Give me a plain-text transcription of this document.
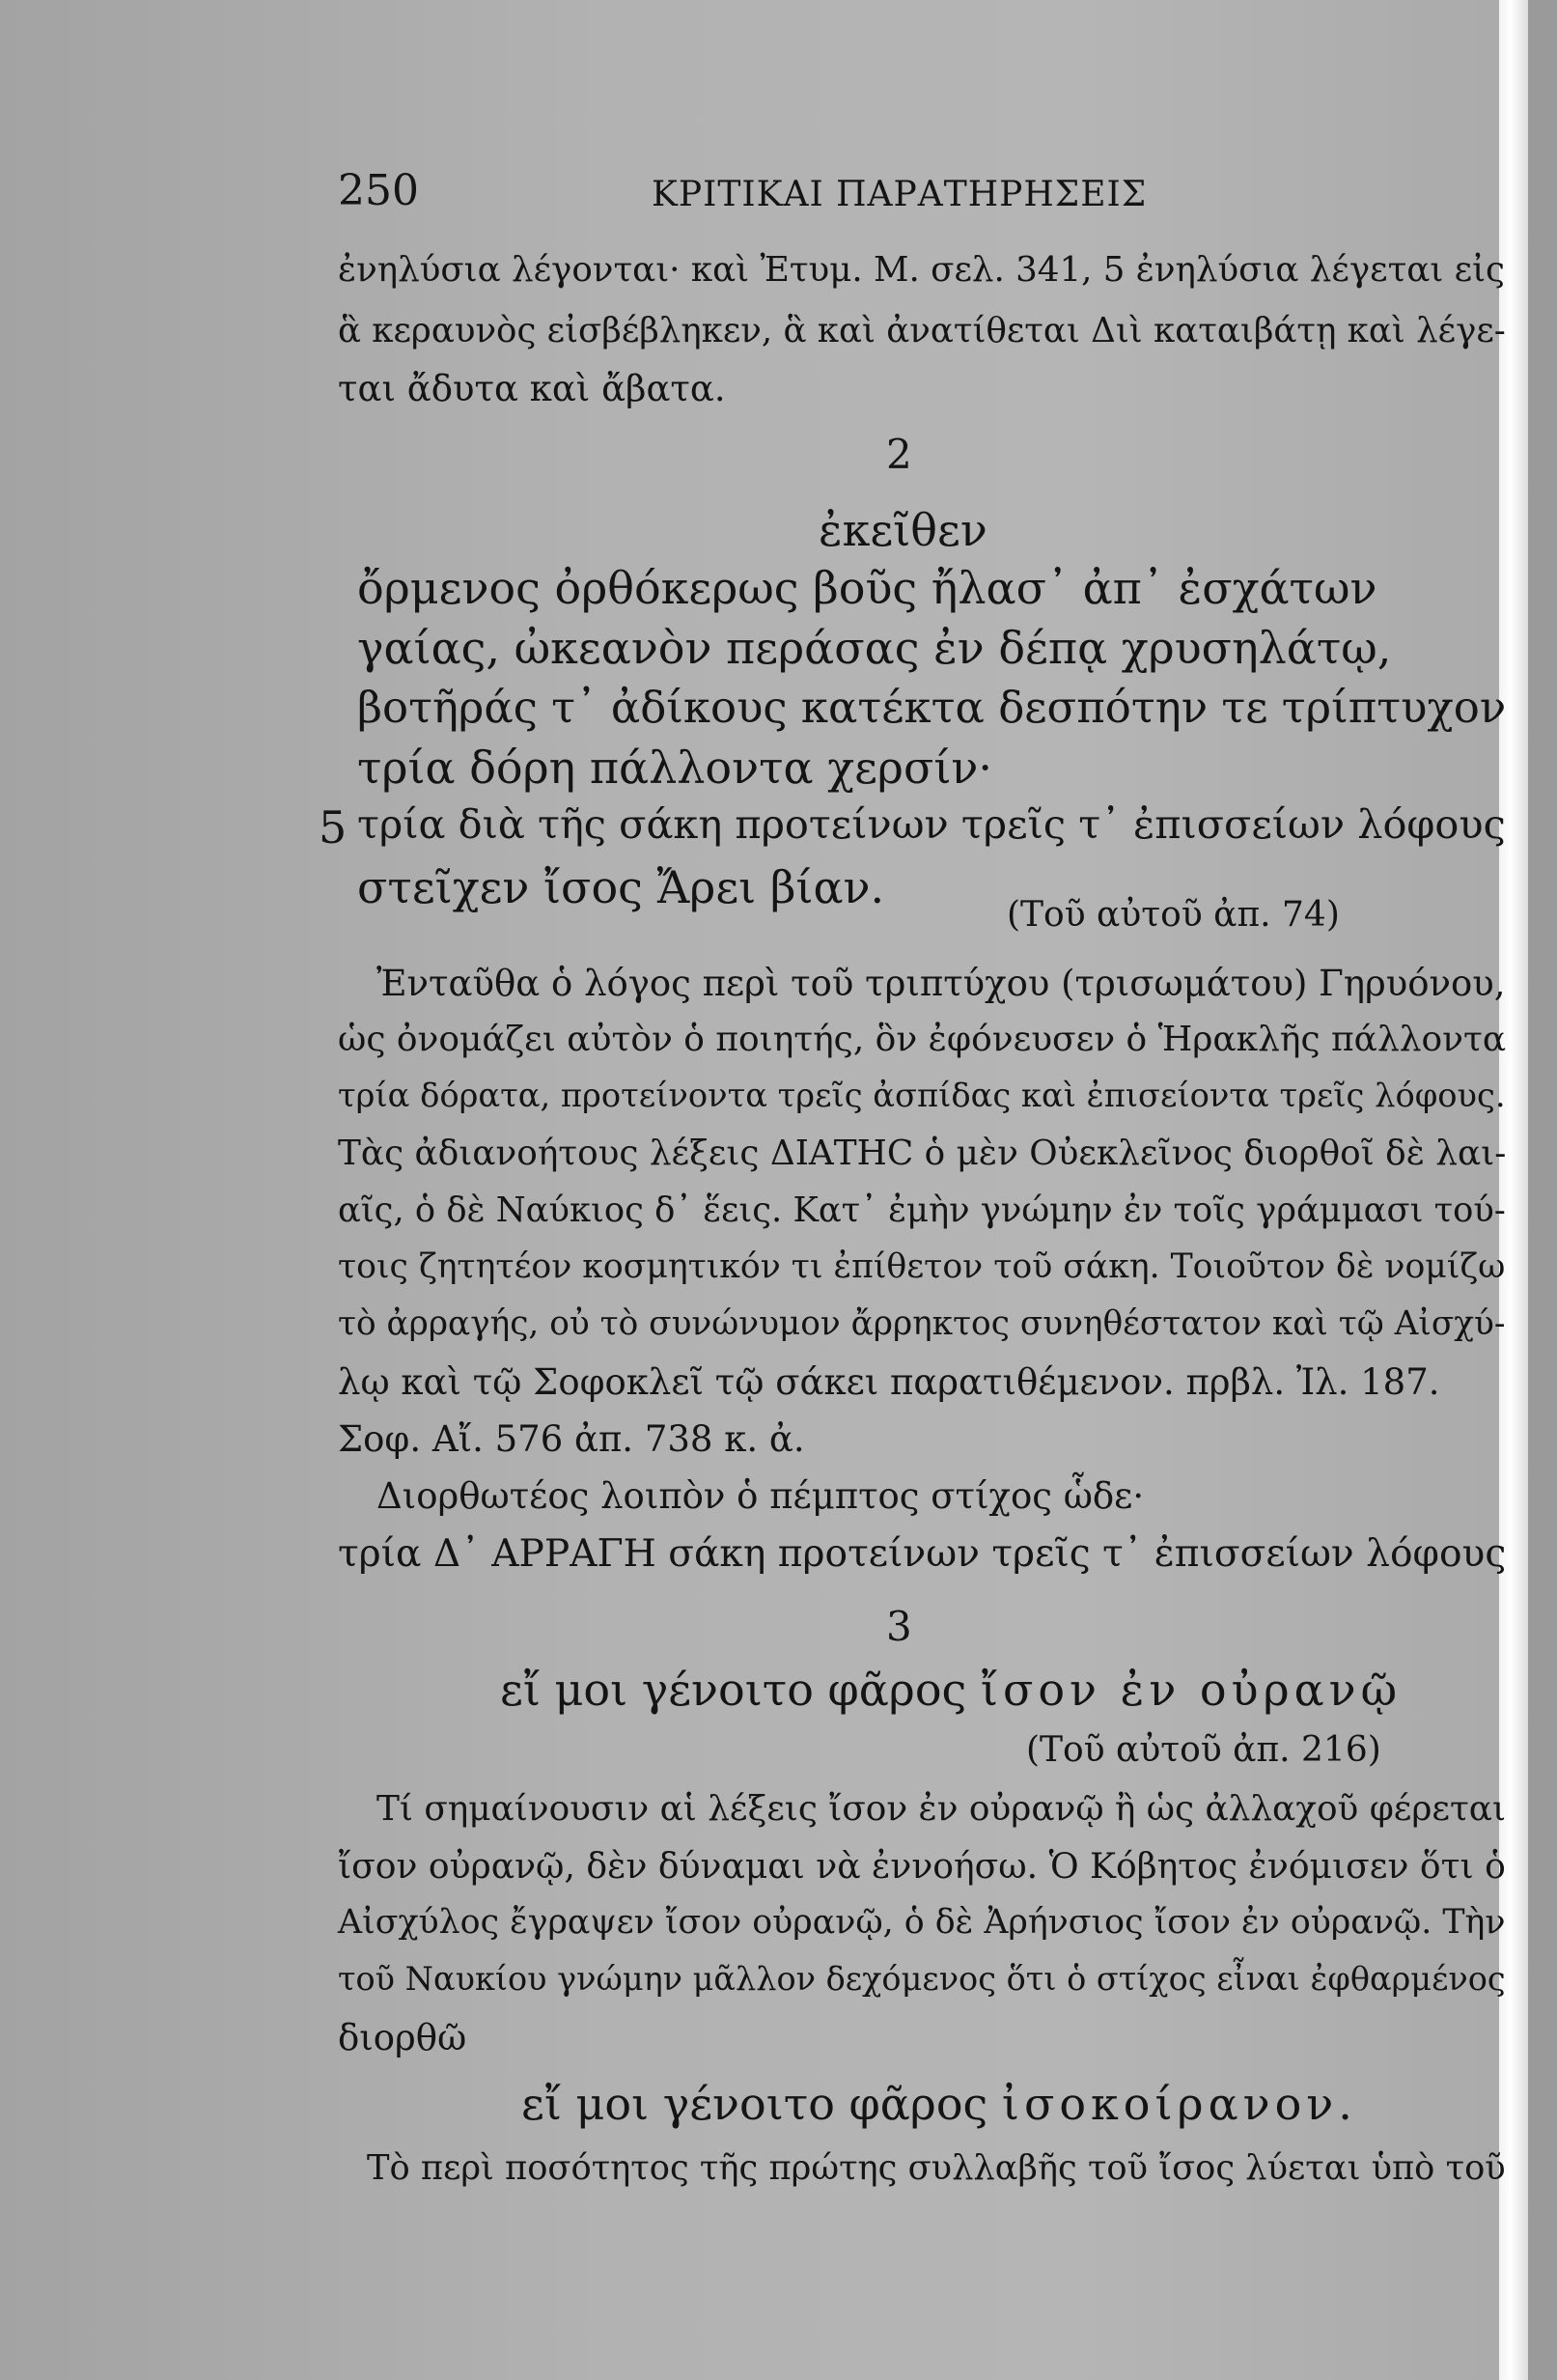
250	ΚΡΙΤΙΚΑΙ ΠΑΡΑΤΗΡΗΣΕΙΣ
ἐνηλύσια λέγονται· καὶ Ἐτυμ. Μ. σελ. 341, 5 ἐνηλύσια λέγεται εἰς
ἃ κεραυνὸς εἰσβέβληκεν, ἃ καὶ ἀνατίθεται Διὶ καταιβάτῃ καὶ λέγε-
ται ἄδυτα καὶ ἄβατα.
2
ἐκεῖθεν
ὄρμενος ὀρθόκερως βοῦς ἤλασ᾽ ἀπ᾽ ἐσχάτων
γαίας, ὠκεανὸν περάσας ἐν δέπᾳ χρυσηλάτῳ,
βοτῆράς τ᾽ ἀδίκους κατέκτα δεσπότην τε τρίπτυχον
τρία δόρη πάλλοντα χερσίν·
5 τρία διὰ τῆς σάκη προτείνων τρεῖς τ᾽ ἐπισσείων λόφους
στεῖχεν ἴσος Ἄρει βίαν.
(Τοῦ αὐτοῦ ἀπ. 74)
Ἐνταῦθα ὁ λόγος περὶ τοῦ τριπτύχου (τρισωμάτου) Γηρυόνου,
ὡς ὀνομάζει αὐτὸν ὁ ποιητής, ὃν ἐφόνευσεν ὁ Ἡρακλῆς πάλλοντα
τρία δόρατα, προτείνοντα τρεῖς ἀσπίδας καὶ ἐπισείοντα τρεῖς λόφους.
Τὰς ἀδιανοήτους λέξεις ΔΙΑΤΗC ὁ μὲν Οὐεκλεῖνος διορθοῖ δὲ λαι-
αῖς, ὁ δὲ Ναύκιος δ᾽ ἕεις. Κατ᾽ ἐμὴν γνώμην ἐν τοῖς γράμμασι τού-
τοις ζητητέον κοσμητικόν τι ἐπίθετον τοῦ σάκη. Τοιοῦτον δὲ νομίζω
τὸ ἀρραγής, οὐ τὸ συνώνυμον ἄρρηκτος συνηθέστατον καὶ τῷ Αἰσχύ-
λῳ καὶ τῷ Σοφοκλεῖ τῷ σάκει παρατιθέμενον. πρβλ. Ἰλ. 187.
Σοφ. Αἴ. 576 ἀπ. 738 κ. ἀ.
Διορθωτέος λοιπὸν ὁ πέμπτος στίχος ὧδε·
τρία Δ᾽ ΑΡΡΑΓΗ σάκη προτείνων τρεῖς τ᾽ ἐπισσείων λόφους
3
εἴ μοι γένοιτο φᾶρος ἴσον ἐν οὐρανῷ
(Τοῦ αὐτοῦ ἀπ. 216)
Τί σημαίνουσιν αἱ λέξεις ἴσον ἐν οὐρανῷ ἢ ὡς ἀλλαχοῦ φέρεται
ἴσον οὐρανῷ, δὲν δύναμαι νὰ ἐννοήσω. Ὁ Κόβητος ἐνόμισεν ὅτι ὁ
Αἰσχύλος ἔγραψεν ἴσον οὐρανῷ, ὁ δὲ Ἀρήνσιος ἴσον ἐν οὐρανῷ. Τὴν
τοῦ Ναυκίου γνώμην μᾶλλον δεχόμενος ὅτι ὁ στίχος εἶναι ἐφθαρμένος
διορθῶ
εἴ μοι γένοιτο φᾶρος ἰσοκοίρανον.
Τὸ περὶ ποσότητος τῆς πρώτης συλλαβῆς τοῦ ἴσος λύεται ὑπὸ τοῦ
